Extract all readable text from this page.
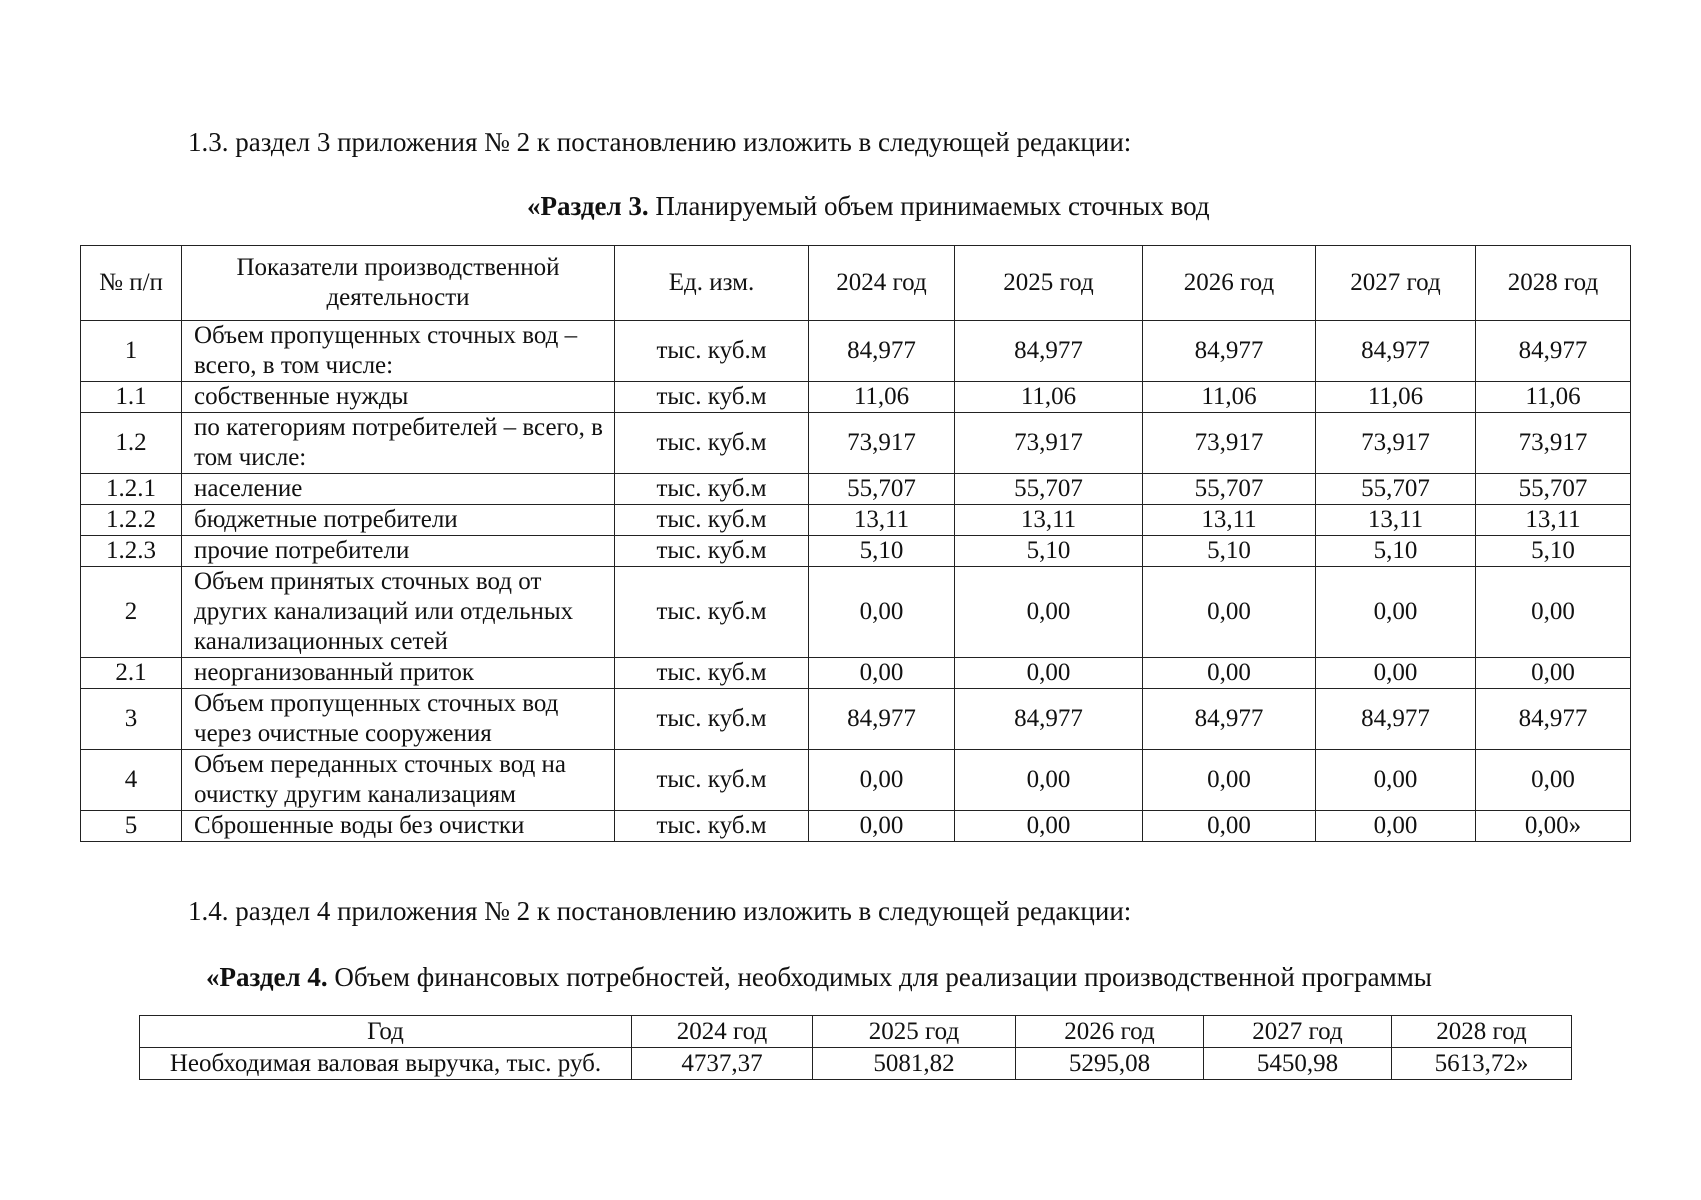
1.3. раздел 3 приложения № 2 к постановлению изложить в следующей редакции:
«Раздел 3. Планируемый объем принимаемых сточных вод
№ п/п	Показатели производственной деятельности	Ед. изм.	2024 год	2025 год	2026 год	2027 год	2028 год
1	Объем пропущенных сточных вод – всего, в том числе:	тыс. куб.м	84,977	84,977	84,977	84,977	84,977
1.1	собственные нужды	тыс. куб.м	11,06	11,06	11,06	11,06	11,06
1.2	по категориям потребителей – всего, в том числе:	тыс. куб.м	73,917	73,917	73,917	73,917	73,917
1.2.1	население	тыс. куб.м	55,707	55,707	55,707	55,707	55,707
1.2.2	бюджетные потребители	тыс. куб.м	13,11	13,11	13,11	13,11	13,11
1.2.3	прочие потребители	тыс. куб.м	5,10	5,10	5,10	5,10	5,10
2	Объем принятых сточных вод от других канализаций или отдельных канализационных сетей	тыс. куб.м	0,00	0,00	0,00	0,00	0,00
2.1	неорганизованный приток	тыс. куб.м	0,00	0,00	0,00	0,00	0,00
3	Объем пропущенных сточных вод через очистные сооружения	тыс. куб.м	84,977	84,977	84,977	84,977	84,977
4	Объем переданных сточных вод на очистку другим канализациям	тыс. куб.м	0,00	0,00	0,00	0,00	0,00
5	Сброшенные воды без очистки	тыс. куб.м	0,00	0,00	0,00	0,00	0,00»
1.4. раздел 4 приложения № 2 к постановлению изложить в следующей редакции:
«Раздел 4. Объем финансовых потребностей, необходимых для реализации производственной программы
Год	2024 год	2025 год	2026 год	2027 год	2028 год
Необходимая валовая выручка, тыс. руб.	4737,37	5081,82	5295,08	5450,98	5613,72»
